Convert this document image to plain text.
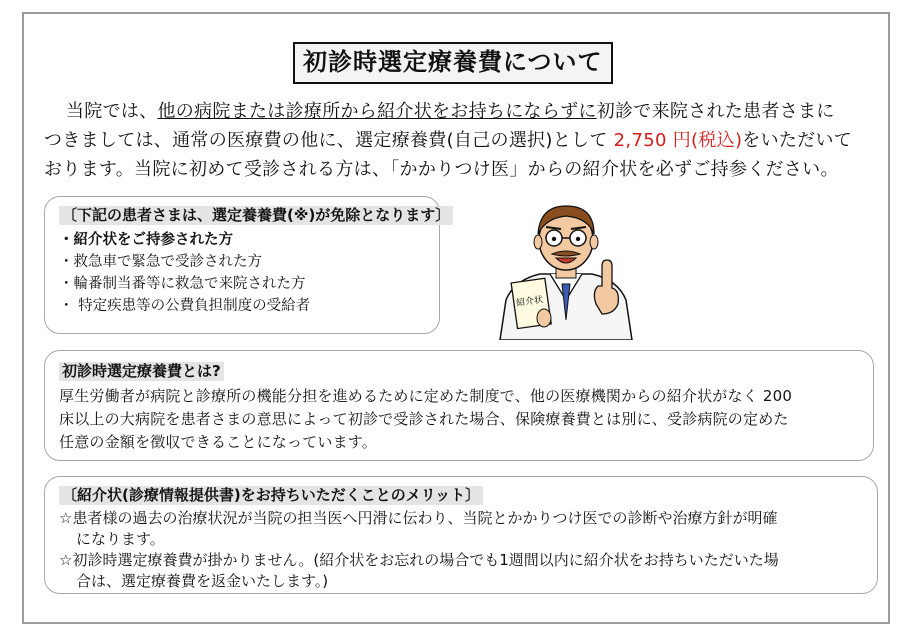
初診時選定療養費について

当院では、他の病院または診療所から紹介状をお持ちにならずに初診で来院された患者さまに

つきましては、通常の医療費の他に、選定療養費(自己の選択)として 2,750 円(税込)をいただいて

おります。当院に初めて受診される方は、「かかりつけ医」からの紹介状を必ずご持参ください。

〔下記の患者さまは、選定養養費(※)が免除となります〕
・紹介状をご持参された方
・救急車で緊急で受診された方
・輪番制当番等に救急で来院された方
・ 特定疾患等の公費負担制度の受給者	紹介状
初診時選定療養費とは?
厚生労働者が病院と診療所の機能分担を進めるために定めた制度で、他の医療機関からの紹介状がなく 200
床以上の大病院を患者さまの意思によって初診で受診された場合、保険療養費とは別に、受診病院の定めた
任意の金額を徴収できることになっています。
〔紹介状(診療情報提供書)をお持ちいただくことのメリット〕
☆患者様の過去の治療状況が当院の担当医へ円滑に伝わり、当院とかかりつけ医での診断や治療方針が明確
になります。
☆初診時選定療養費が掛かりません。(紹介状をお忘れの場合でも1週間以内に紹介状をお持ちいただいた場
合は、選定療養費を返金いたします。)
